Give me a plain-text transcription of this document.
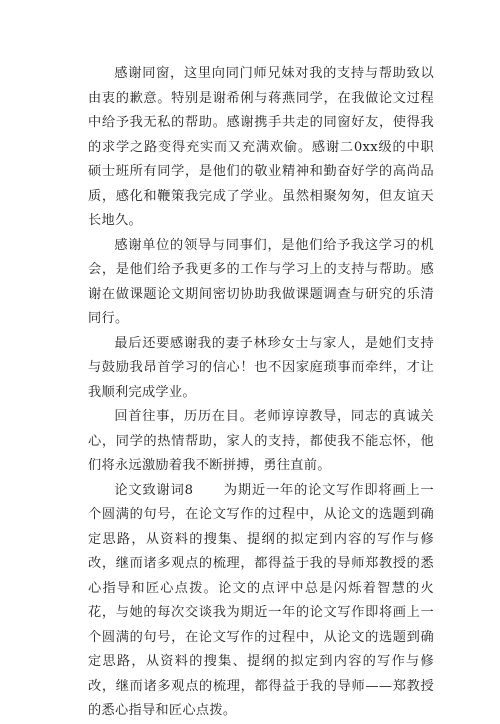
感谢同窗，这里向同门师兄妹对我的支持与帮助致以由衷的歉意。特别是谢希俐与蒋燕同学，在我做论文过程中给予我无私的帮助。感谢携手共走的同窗好友，使得我的求学之路变得充实而又充满欢偷。感谢二0xx级的中职硕士班所有同学，是他们的敬业精神和勤奋好学的高尚品质，感化和鞭策我完成了学业。虽然相聚匆匆，但友谊天长地久。

感谢单位的领导与同事们，是他们给予我这学习的机会，是他们给予我更多的工作与学习上的支持与帮助。感谢在做课题论文期间密切协助我做课题调查与研究的乐清同行。

最后还要感谢我的妻子林珍女士与家人，是她们支持与鼓励我昂首学习的信心！也不因家庭琐事而牵绊，才让我顺利完成学业。

回首往事，历历在目。老师谆谆教导，同志的真诚关心，同学的热情帮助，家人的支持，都使我不能忘怀，他们将永远激励着我不断拼搏，勇往直前。

论文致谢词8 为期近一年的论文写作即将画上一个圆满的句号，在论文写作的过程中，从论文的选题到确定思路，从资料的搜集、提纲的拟定到内容的写作与修改，继而诸多观点的梳理，都得益于我的导师郑教授的悉心指导和匠心点拨。论文的点评中总是闪烁着智慧的火花，与她的每次交谈我为期近一年的论文写作即将画上一个圆满的句号，在论文写作的过程中，从论文的选题到确定思路，从资料的搜集、提纲的拟定到内容的写作与修改，继而诸多观点的梳理，都得益于我的导师——郑教授的悉心指导和匠心点拨。
